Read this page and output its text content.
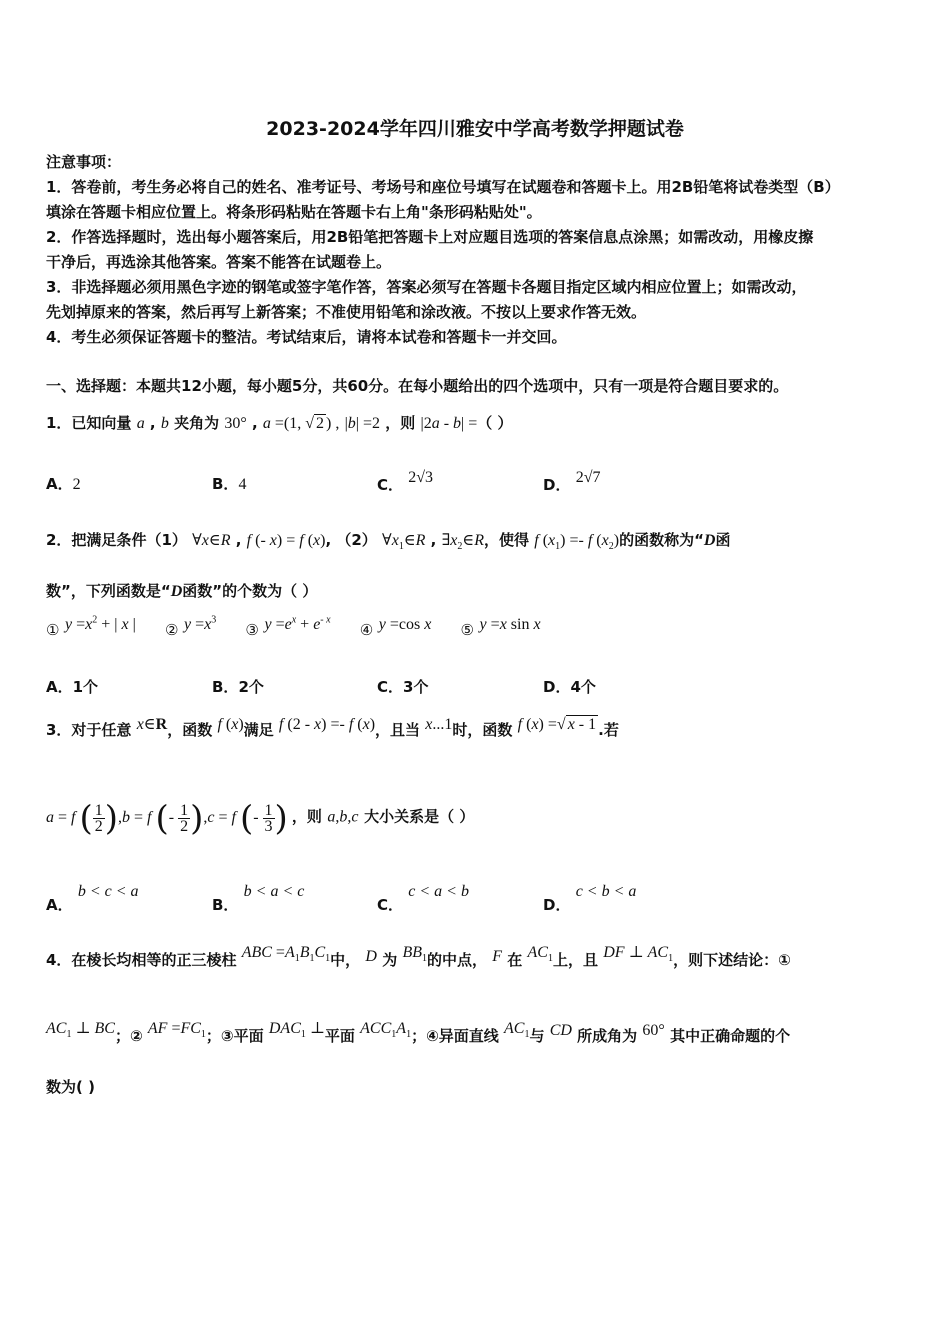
2023-2024学年四川雅安中学高考数学押题试卷
注意事项：
1．答卷前，考生务必将自己的姓名、准考证号、考场号和座位号填写在试题卷和答题卡上。用2B铅笔将试卷类型（B）
填涂在答题卡相应位置上。将条形码粘贴在答题卡右上角"条形码粘贴处"。
2．作答选择题时，选出每小题答案后，用2B铅笔把答题卡上对应题目选项的答案信息点涂黑；如需改动，用橡皮擦
干净后，再选涂其他答案。答案不能答在试题卷上。
3．非选择题必须用黑色字迹的钢笔或签字笔作答，答案必须写在答题卡各题目指定区域内相应位置上；如需改动，
先划掉原来的答案，然后再写上新答案；不准使用铅笔和涂改液。不按以上要求作答无效。
4．考生必须保证答题卡的整洁。考试结束后，请将本试卷和答题卡一并交回。
一、选择题：本题共12小题，每小题5分，共60分。在每小题给出的四个选项中，只有一项是符合题目要求的。
1．已知向量 a , b 夹角为 30° , a =(1, √ 2 ) , |b| =2 ，则 |2a - b| =（ ）
A．2	B．4	C． 2√3	D． 2√7
2．把满足条件（1） ∀x∈R , f (- x) = f (x), （2） $\forall x_1\in R$ , $\exists x_2\in R$，使得 f $(x_1) =- f$ $(x_2)$的函数称为“D函
数”，下列函数是“D函数”的个数为（ ）
① $y =x^2$ + | x | ② $y =x^3$  ③ $y =e^x + e^{- x}$  ④ y =cos x ⑤ y =x sin x
A．1个	B．2个	C．3个	D．4个
3．对于任意 x∈R，函数 f (x)满足 f (2 - x) =- f (x)，且当 x...1时，函数 f (x) =√ x - 1 .若
a = f ( $\frac{1}{2} ),b = f$ (- $\frac{1}{2} ),c = f$ (- $\frac{1}{3}$ ) ，则 a,b,c 大小关系是（ ）
A． b < c < a
B． b < a < c
C． c < a < b
D． c < b < a
4．在棱长均相等的正三棱柱 ABC $=A_1B_1C_1$中， D 为 $BB_1$的中点， F 在 $AC_1$上，且 DF ⊥ $AC_1$，则下述结论：①
$AC_1$ ⊥ BC；② AF $=FC_1$；③平面 $DAC_1$ ⊥平面 $ACC_1A_1$；④异面直线 $AC_1$与 CD 所成角为 60° 其中正确命题的个
数为( )
